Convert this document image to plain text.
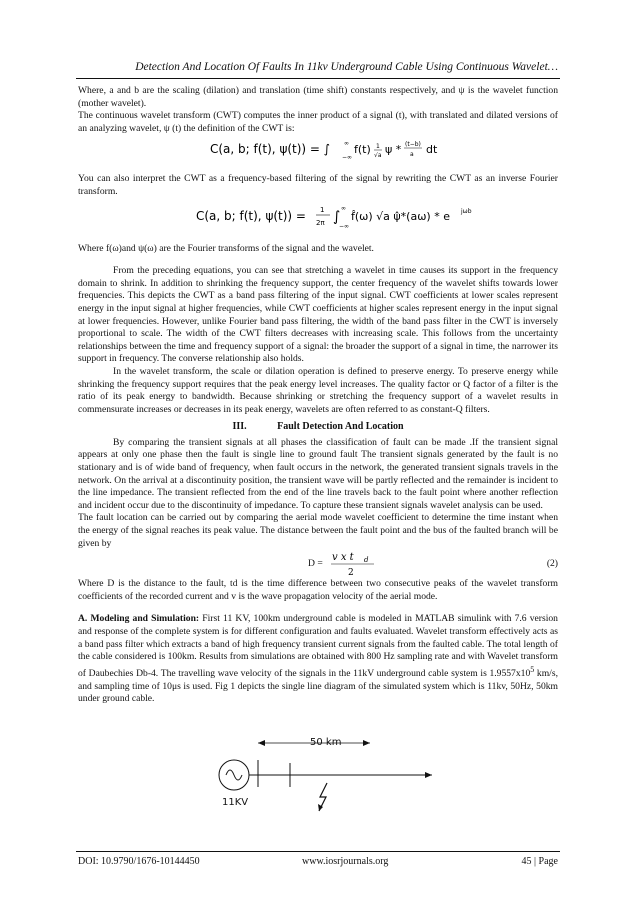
Detection And Location Of Faults In 11kv Underground Cable Using Continuous Wavelet…

Where, a and b are the scaling (dilation) and translation (time shift) constants respectively, and ψ is the wavelet function (mother wavelet).

The continuous wavelet transform (CWT) computes the inner product of a signal (t), with translated and dilated versions of an analyzing wavelet, ψ (t) the definition of the CWT is:

C(a, b; f(t), ψ(t)) = ∫ ∞
−∞
f(t) 1
√a ψ * (t−b)
a dt

You can also interpret the CWT as a frequency-based filtering of the signal by rewriting the CWT as an inverse Fourier transform.

C(a, b; f(t), ψ(t)) = 1
2π ∫
∞
−∞
f̂(ω) √a ψ̂*(aω) * e jωb

Where f(ω)and ψ(ω) are the Fourier transforms of the signal and the wavelet.

From the preceding equations, you can see that stretching a wavelet in time causes its support in the frequency domain to shrink. In addition to shrinking the frequency support, the center frequency of the wavelet shifts towards lower frequencies. This depicts the CWT as a band pass filtering of the input signal. CWT coefficients at lower scales represent energy in the input signal at higher frequencies, while CWT coefficients at higher scales represent energy in the input signal at lower frequencies. However, unlike Fourier band pass filtering, the width of the band pass filter in the CWT is inversely proportional to scale. The width of the CWT filters decreases with increasing scale. This follows from the uncertainty relationships between the time and frequency support of a signal: the broader the support of a signal in time, the narrower its support in frequency. The converse relationship also holds.

In the wavelet transform, the scale or dilation operation is defined to preserve energy. To preserve energy while shrinking the frequency support requires that the peak energy level increases. The quality factor or Q factor of a filter is the ratio of its peak energy to bandwidth. Because shrinking or stretching the frequency support of a wavelet results in commensurate increases or decreases in its peak energy, wavelets are often referred to as constant-Q filters.

III.	Fault Detection And Location

By comparing the transient signals at all phases the classification of fault can be made .If the transient signal appears at only one phase then the fault is single line to ground fault The transient signals generated by the fault is no stationary and is of wide band of frequency, when fault occurs in the network, the generated transient signals travels in the network. On the arrival at a discontinuity position, the transient wave will be partly reflected and the remainder is incident to the line impedance. The transient reflected from the end of the line travels back to the fault point where another reflection and incident occur due to the discontinuity of impedance. To capture these transient signals wavelet analysis can be used.

The fault location can be carried out by comparing the aerial mode wavelet coefficient to determine the time instant when the energy of the signal reaches its peak value. The distance between the fault point and the bus of the faulted branch will be given by

D =
v x t d
2
(2)

Where D is the distance to the fault, td is the time difference between two consecutive peaks of the wavelet transform coefficients of the recorded current and v is the wave propagation velocity of the aerial mode.

A. Modeling and Simulation: First 11 KV, 100km underground cable is modeled in MATLAB simulink with 7.6 version and response of the complete system is for different configuration and faults evaluated. Wavelet transform effectively acts as a band pass filter which extracts a band of high frequency transient current signals from the faulted cable. The total length of the cable considered is 100km. Results from simulations are obtained with 800 Hz sampling rate and with Wavelet transform of Daubechies Db-4. The travelling wave velocity of the signals in the 11kV underground cable system is $1.9557x10^5$ km/s, and sampling time of 10μs is used. Fig 1 depicts the single line diagram of the simulated system which is 11kv, 50Hz, 50km under ground cable.

50 km
11KV
DOI: 10.9790/1676-10144450	www.iosrjournals.org	45 | Page
